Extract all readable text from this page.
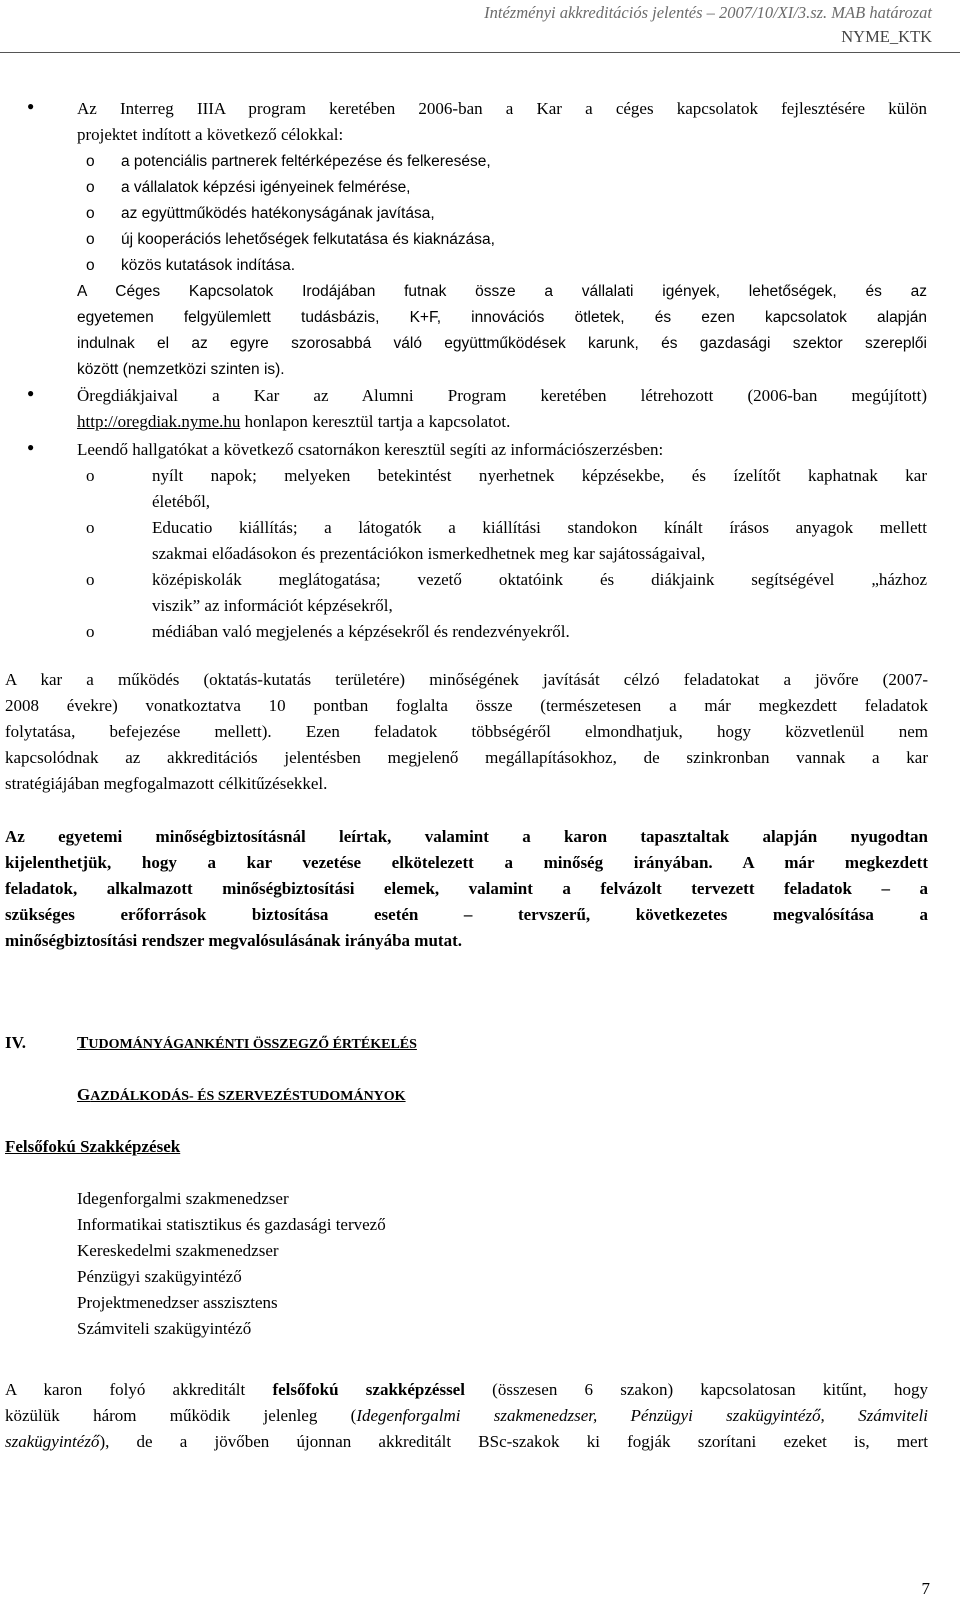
Intézményi akkreditációs jelentés – 2007/10/XI/3.sz. MAB határozat
NYME_KTK
●	Az Interreg IIIA program keretében 2006-ban a Kar a céges kapcsolatok fejlesztésére külön

projektet indított a következő célokkal:

o
o
o
o
o
a potenciális partnerek feltérképezése és felkeresése,
a vállalatok képzési igényeinek felmérése,
az együttműködés hatékonyságának javítása,
új kooperációs lehetőségek felkutatása és kiaknázása,
közös kutatások indítása.

A Céges Kapcsolatok Irodájában futnak össze a vállalati igények, lehetőségek, és az

egyetemen felgyülemlett tudásbázis, K+F, innovációs ötletek, és ezen kapcsolatok alapján

indulnak el az egyre szorosabbá váló együttműködések karunk, és gazdasági szektor szereplői

között (nemzetközi szinten is).

●	Öregdiákjaival a Kar az Alumni Program keretében létrehozott (2006-ban megújított)

http://oregdiak.nyme.hu honlapon keresztül tartja a kapcsolatot.

●	Leendő hallgatókat a következő csatornákon keresztül segíti az információszerzésben:

o	nyílt napok; melyeken betekintést nyerhetnek képzésekbe, és ízelítőt kaphatnak kar

életéből,

o	Educatio kiállítás; a látogatók a kiállítási standokon kínált írásos anyagok mellett

szakmai előadásokon és prezentációkon ismerkedhetnek meg kar sajátosságaival,

o	középiskolák meglátogatása; vezető oktatóink és diákjaink segítségével „házhoz

viszik” az információt képzésekről,

o	médiában való megjelenés a képzésekről és rendezvényekről.

A kar a működés (oktatás-kutatás területére) minőségének javítását célzó feladatokat a jövőre (2007-

2008 évekre) vonatkoztatva 10 pontban foglalta össze (természetesen a már megkezdett feladatok

folytatása, befejezése mellett). Ezen feladatok többségéről elmondhatjuk, hogy közvetlenül nem

kapcsolódnak az akkreditációs jelentésben megjelenő megállapításokhoz, de szinkronban vannak a kar

stratégiájában megfogalmazott célkitűzésekkel.

Az egyetemi minőségbiztosításnál leírtak, valamint a karon tapasztaltak alapján nyugodtan

kijelenthetjük, hogy a kar vezetése elkötelezett a minőség irányában. A már megkezdett

feladatok, alkalmazott minőségbiztosítási elemek, valamint a felvázolt tervezett feladatok – a

szükséges erőforrások biztosítása esetén – tervszerű, következetes megvalósítása a

minőségbiztosítási rendszer megvalósulásának irányába mutat.

IV.	TUDOMÁNYÁGANKÉNTI ÖSSZEGZŐ ÉRTÉKELÉS
GAZDÁLKODÁS- ÉS SZERVEZÉSTUDOMÁNYOK
Felsőfokú Szakképzések
Idegenforgalmi szakmenedzser
Informatikai statisztikus és gazdasági tervező
Kereskedelmi szakmenedzser
Pénzügyi szakügyintéző
Projektmenedzser asszisztens
Számviteli szakügyintéző

A karon folyó akkreditált felsőfokú szakképzéssel (összesen 6 szakon) kapcsolatosan kitűnt, hogy

közülük három működik jelenleg (Idegenforgalmi szakmenedzser, Pénzügyi szakügyintéző, Számviteli

szakügyintéző), de a jövőben újonnan akkreditált BSc-szakok ki fogják szorítani ezeket is, mert

7
